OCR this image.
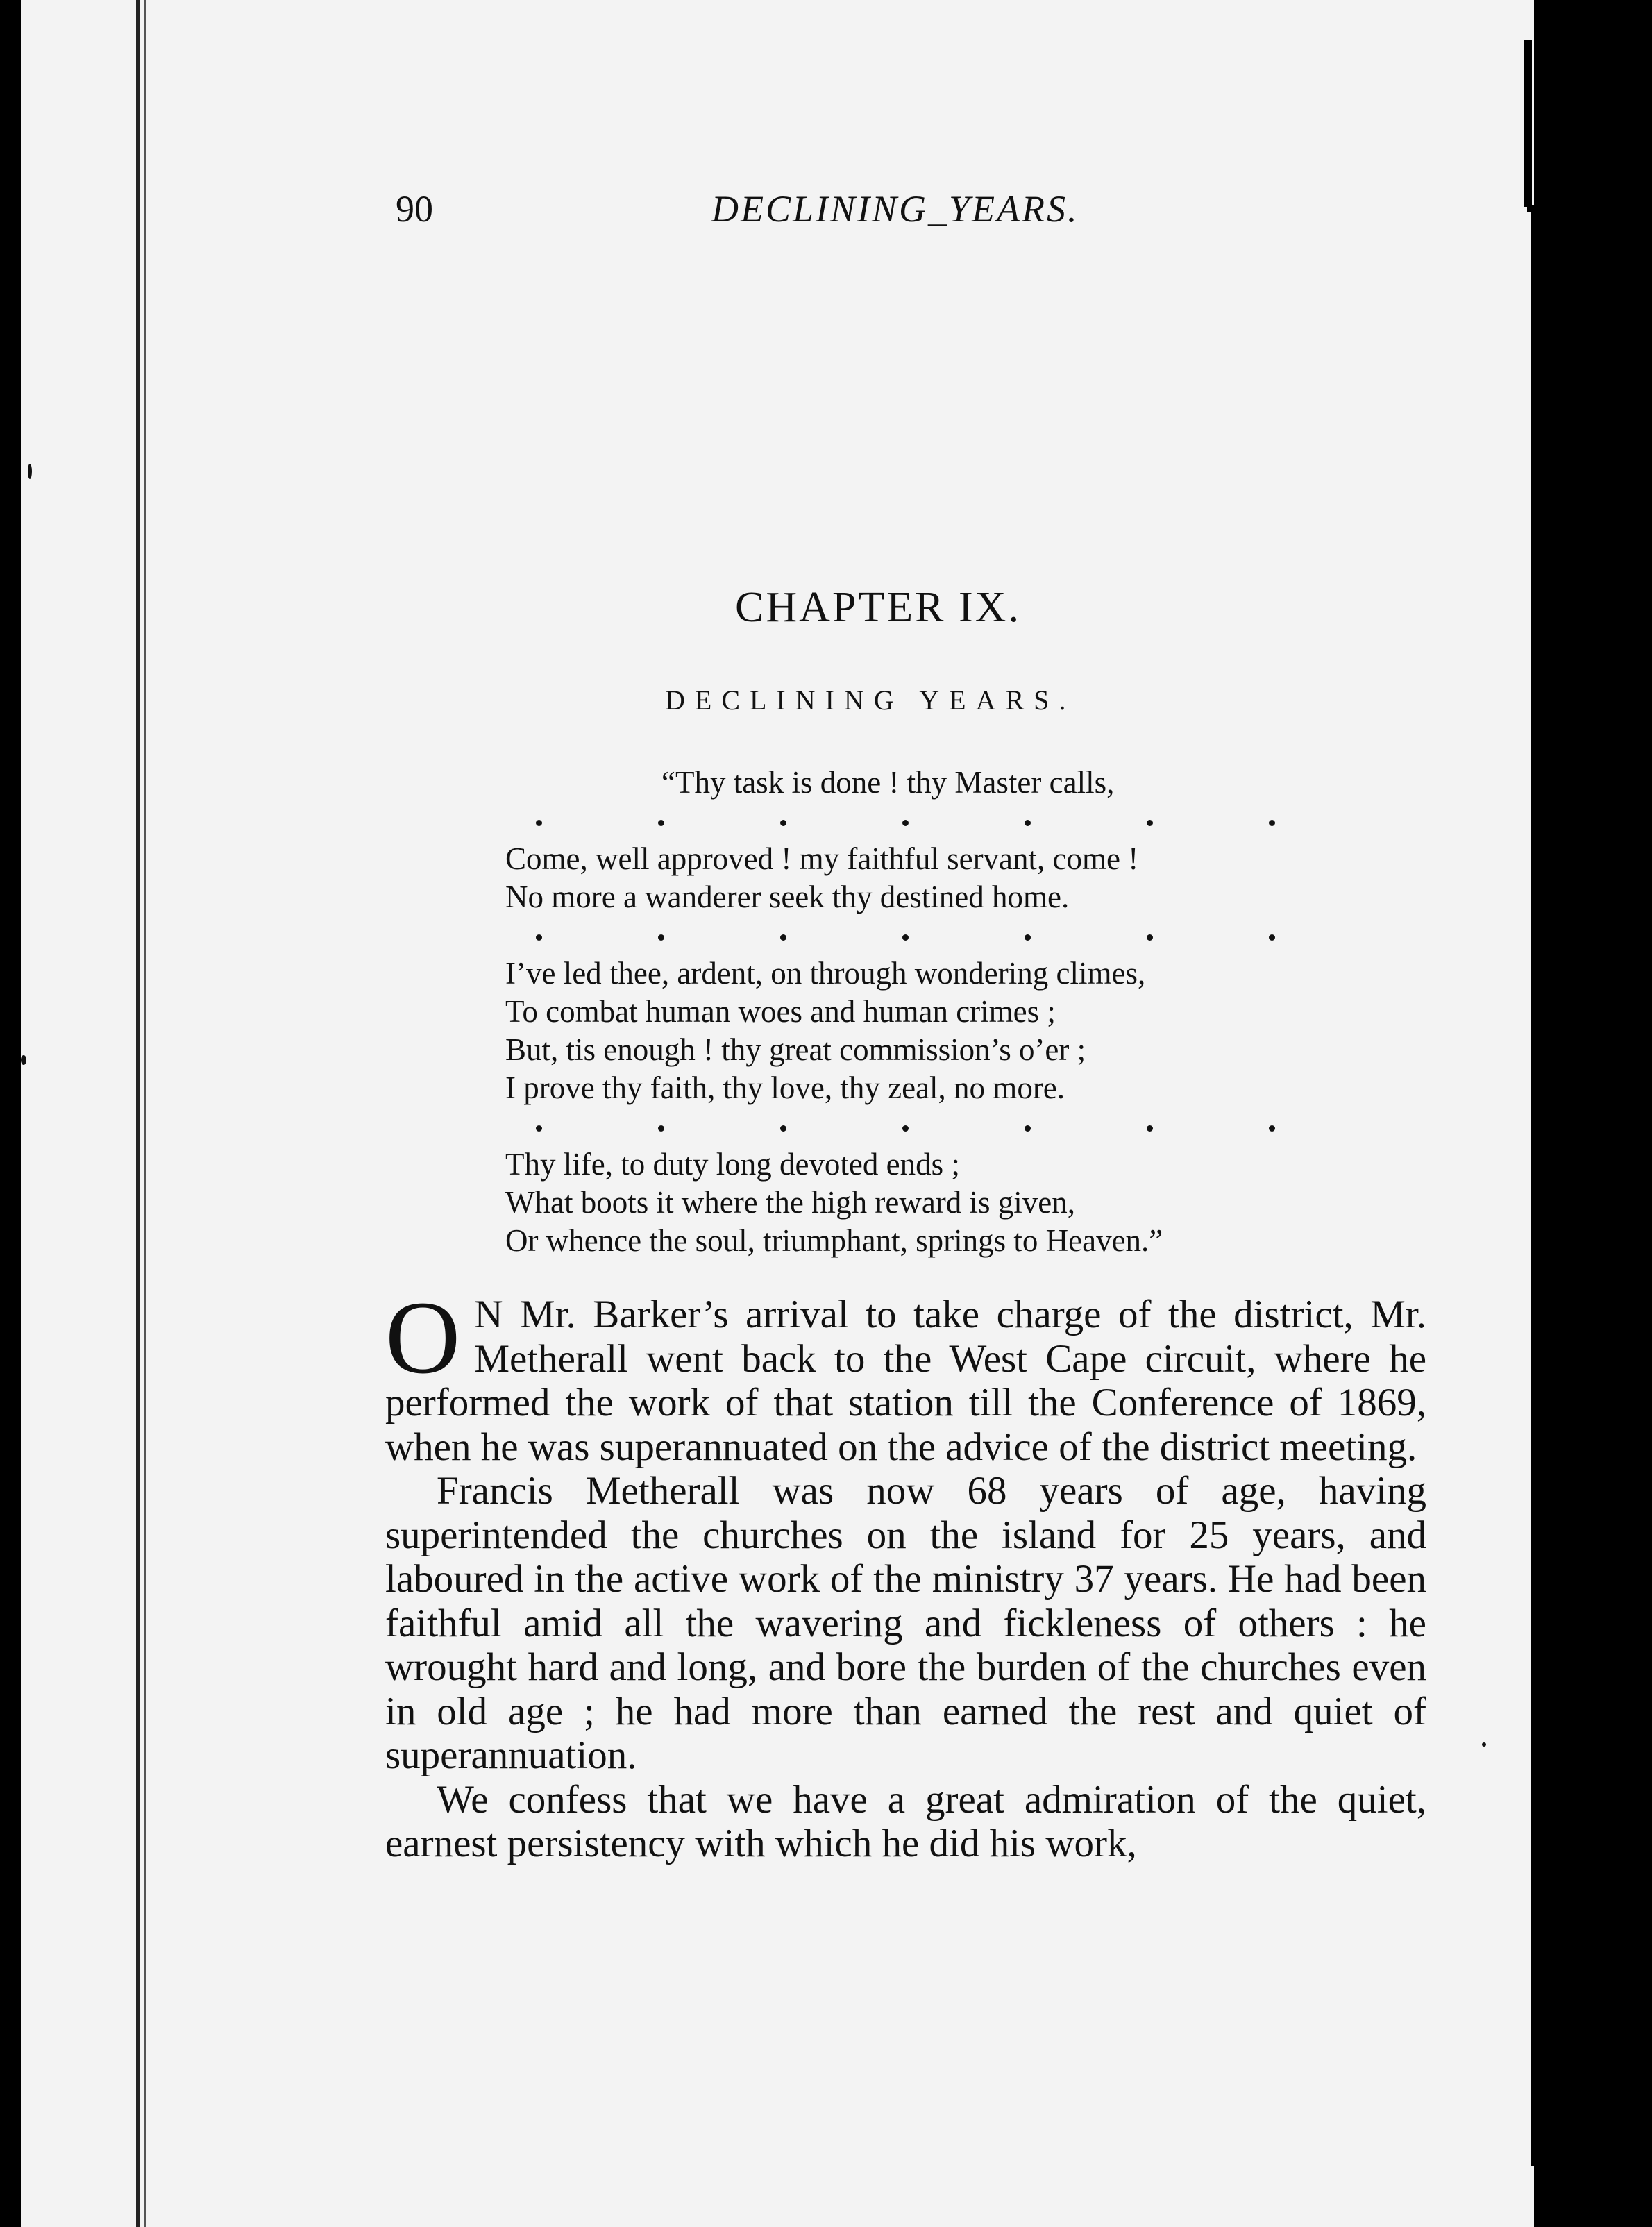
90	DECLINING_YEARS.
CHAPTER IX.
DECLINING YEARS.
“Thy task is done ! thy Master calls,
Come, well approved ! my faithful servant, come !
No more a wanderer seek thy destined home.
I’ve led thee, ardent, on through wondering climes,
To combat human woes and human crimes ;
But, tis enough ! thy great commission’s o’er ;
I prove thy faith, thy love, thy zeal, no more.
Thy life, to duty long devoted ends ;
What boots it where the high reward is given,
Or whence the soul, triumphant, springs to Heaven.”

O N Mr. Barker’s arrival to take charge of the district, Mr. Metherall went back to the West Cape circuit, where he performed the work of that station till the Conference of 1869, when he was superannuated on the advice of the district meeting.

Francis Metherall was now 68 years of age, having superintended the churches on the island for 25 years, and laboured in the active work of the ministry 37 years. He had been faithful amid all the wavering and fickleness of others : he wrought hard and long, and bore the burden of the churches even in old age ; he had more than earned the rest and quiet of superannuation.

We confess that we have a great admiration of the quiet, earnest persistency with which he did his work,
